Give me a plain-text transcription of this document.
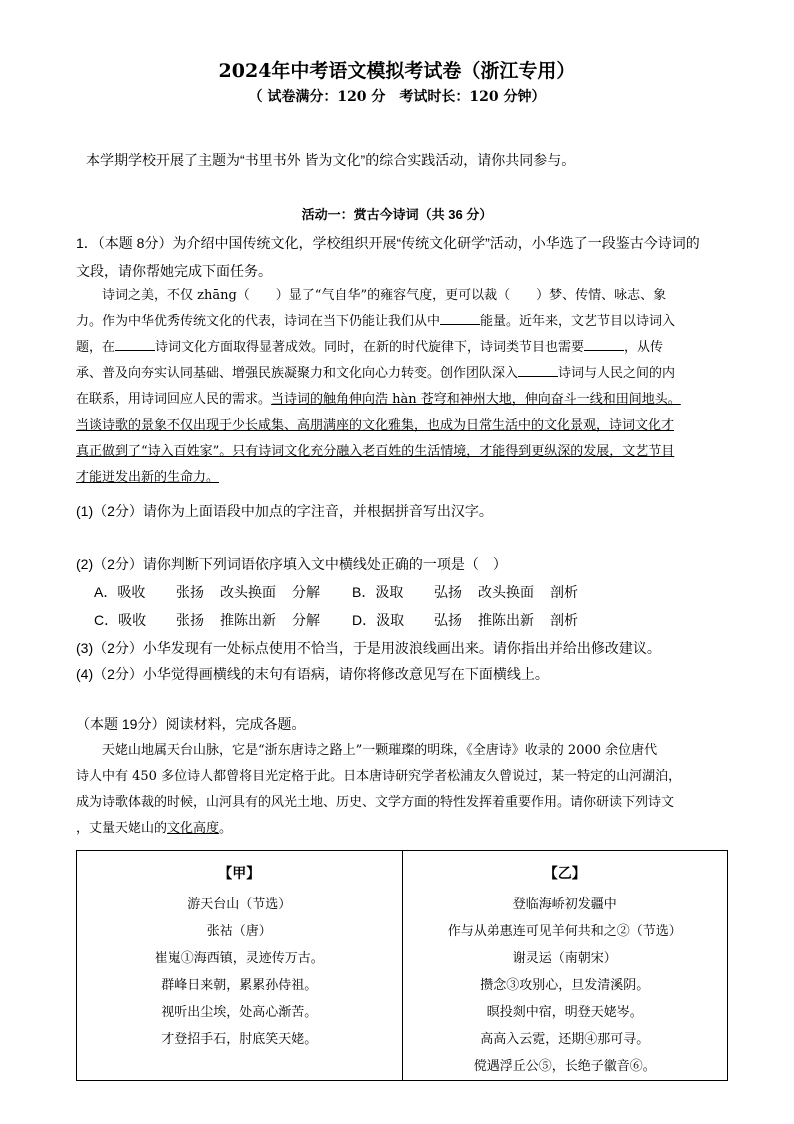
2024年中考语文模拟考试卷（浙江专用）
（ 试卷满分：120 分　考试时长：120 分钟）
本学期学校开展了主题为“书里书外 皆为文化”的综合实践活动，请你共同参与。
活动一：赏古今诗词（共 36 分）
1．（本题 8分）为介绍中国传统文化，学校组织开展“传统文化研学”活动，小华选了一段鉴古今诗词的
文段，请你帮她完成下面任务。
诗词之美，不仅 zhāng（　　）显了“气自华”的雍容气度，更可以裁（　　）梦、传情、咏志、象
力。作为中华优秀传统文化的代表，诗词在当下仍能让我们从中	能量。近年来，文艺节目以诗词入
题，在	诗词文化方面取得显著成效。同时，在新的时代旋律下，诗词类节目也需要	，从传
承、普及向夯实认同基础、增强民族凝聚力和文化向心力转变。创作团队深入	诗词与人民之间的内
在联系，用诗词回应人民的需求。当诗词的触角伸向浩 hàn 苍穹和神州大地，伸向奋斗一线和田间地头。
当谈诗歌的景象不仅出现于少长咸集、高朋满座的文化雅集，也成为日常生活中的文化景观，诗词文化才
真正做到了“诗入百姓家”。只有诗词文化充分融入老百姓的生活情境，才能得到更纵深的发展，文艺节目
才能迸发出新的生命力。
(1)（2分）请你为上面语段中加点的字注音，并根据拼音写出汉字。
(2)（2分）请你判断下列词语依序填入文中横线处正确的一项是（　）
A．吸收 张扬 改头换面 分解 B．汲取 弘扬 改头换面 剖析
C．吸收 张扬 推陈出新 分解 D．汲取 弘扬 推陈出新 剖析
(3)（2分）小华发现有一处标点使用不恰当，于是用波浪线画出来。请你指出并给出修改建议。
(4)（2分）小华觉得画横线的末句有语病，请你将修改意见写在下面横线上。
（本题 19分）阅读材料，完成各题。

天姥山地属天台山脉，它是“浙东唐诗之路上”一颗璀璨的明珠，《全唐诗》收录的 2000 余位唐代

诗人中有 450 多位诗人都曾将目光定格于此。日本唐诗研究学者松浦友久曾说过，某一特定的山河湖泊，

成为诗歌体裁的时候，山河具有的风光土地、历史、文学方面的特性发挥着重要作用。请你研读下列诗文

，丈量天姥山的文化高度。

【甲】
游天台山（节选）
张祜（唐）
崔嵬①海西镇，灵迹传万古。
群峰日来朝，累累孙侍祖。
视听出尘埃，处高心渐苦。
才登招手石，肘底笑天姥。

【乙】
登临海峤初发疆中
作与从弟惠连可见羊何共和之②（节选）
谢灵运（南朝宋）
攒念③攻别心，旦发清溪阴。
暝投剡中宿，明登天姥岑。
高高入云霓，还期④那可寻。
傥遇浮丘公⑤，长绝子徽音⑥。
